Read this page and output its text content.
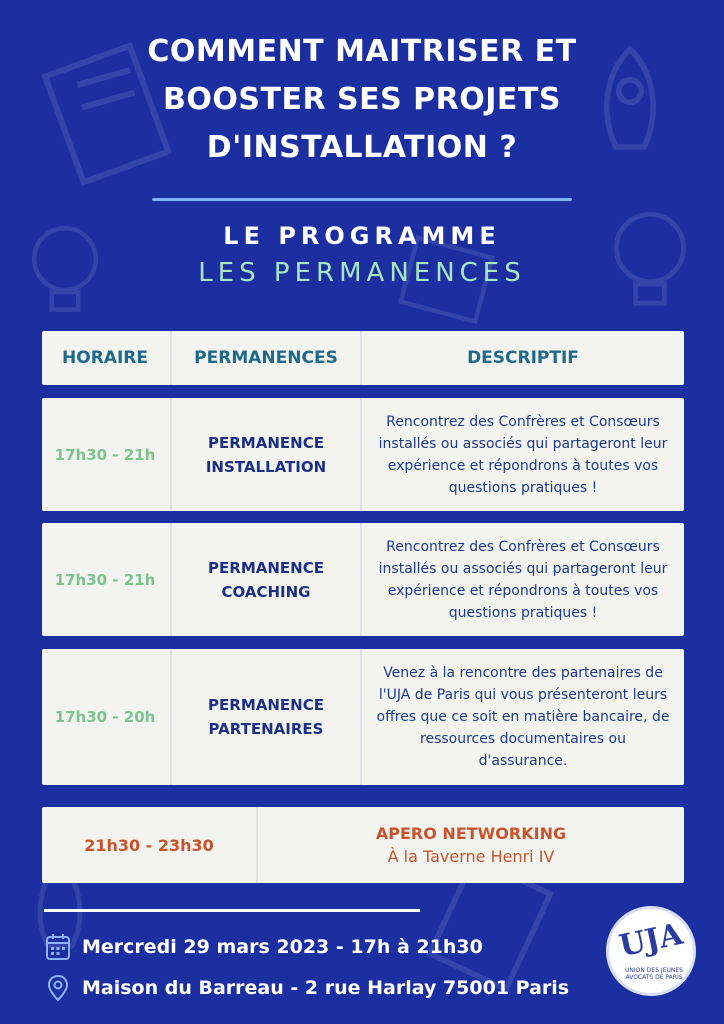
COMMENT MAITRISER ET
BOOSTER SES PROJETS
D'INSTALLATION ?
LE PROGRAMME
LES PERMANENCES
HORAIRE	PERMANENCES	DESCRIPTIF
17h30 - 21h
PERMANENCE
INSTALLATION
Rencontrez des Confrères et Consœurs installés ou associés qui partageront leur expérience et répondrons à toutes vos questions pratiques !
17h30 - 21h
PERMANENCE
COACHING
Rencontrez des Confrères et Consœurs installés ou associés qui partageront leur expérience et répondrons à toutes vos questions pratiques !
17h30 - 20h
PERMANENCE
PARTENAIRES
Venez à la rencontre des partenaires de l'UJA de Paris qui vous présenteront leurs offres que ce soit en matière bancaire, de ressources documentaires ou d'assurance.
21h30 - 23h30
APERO NETWORKING
À la Taverne Henri IV
Mercredi 29 mars 2023 - 17h à 21h30
Maison du Barreau - 2 rue Harlay 75001 Paris
UJA
UNION DES JEUNES AVOCATS DE PARIS
